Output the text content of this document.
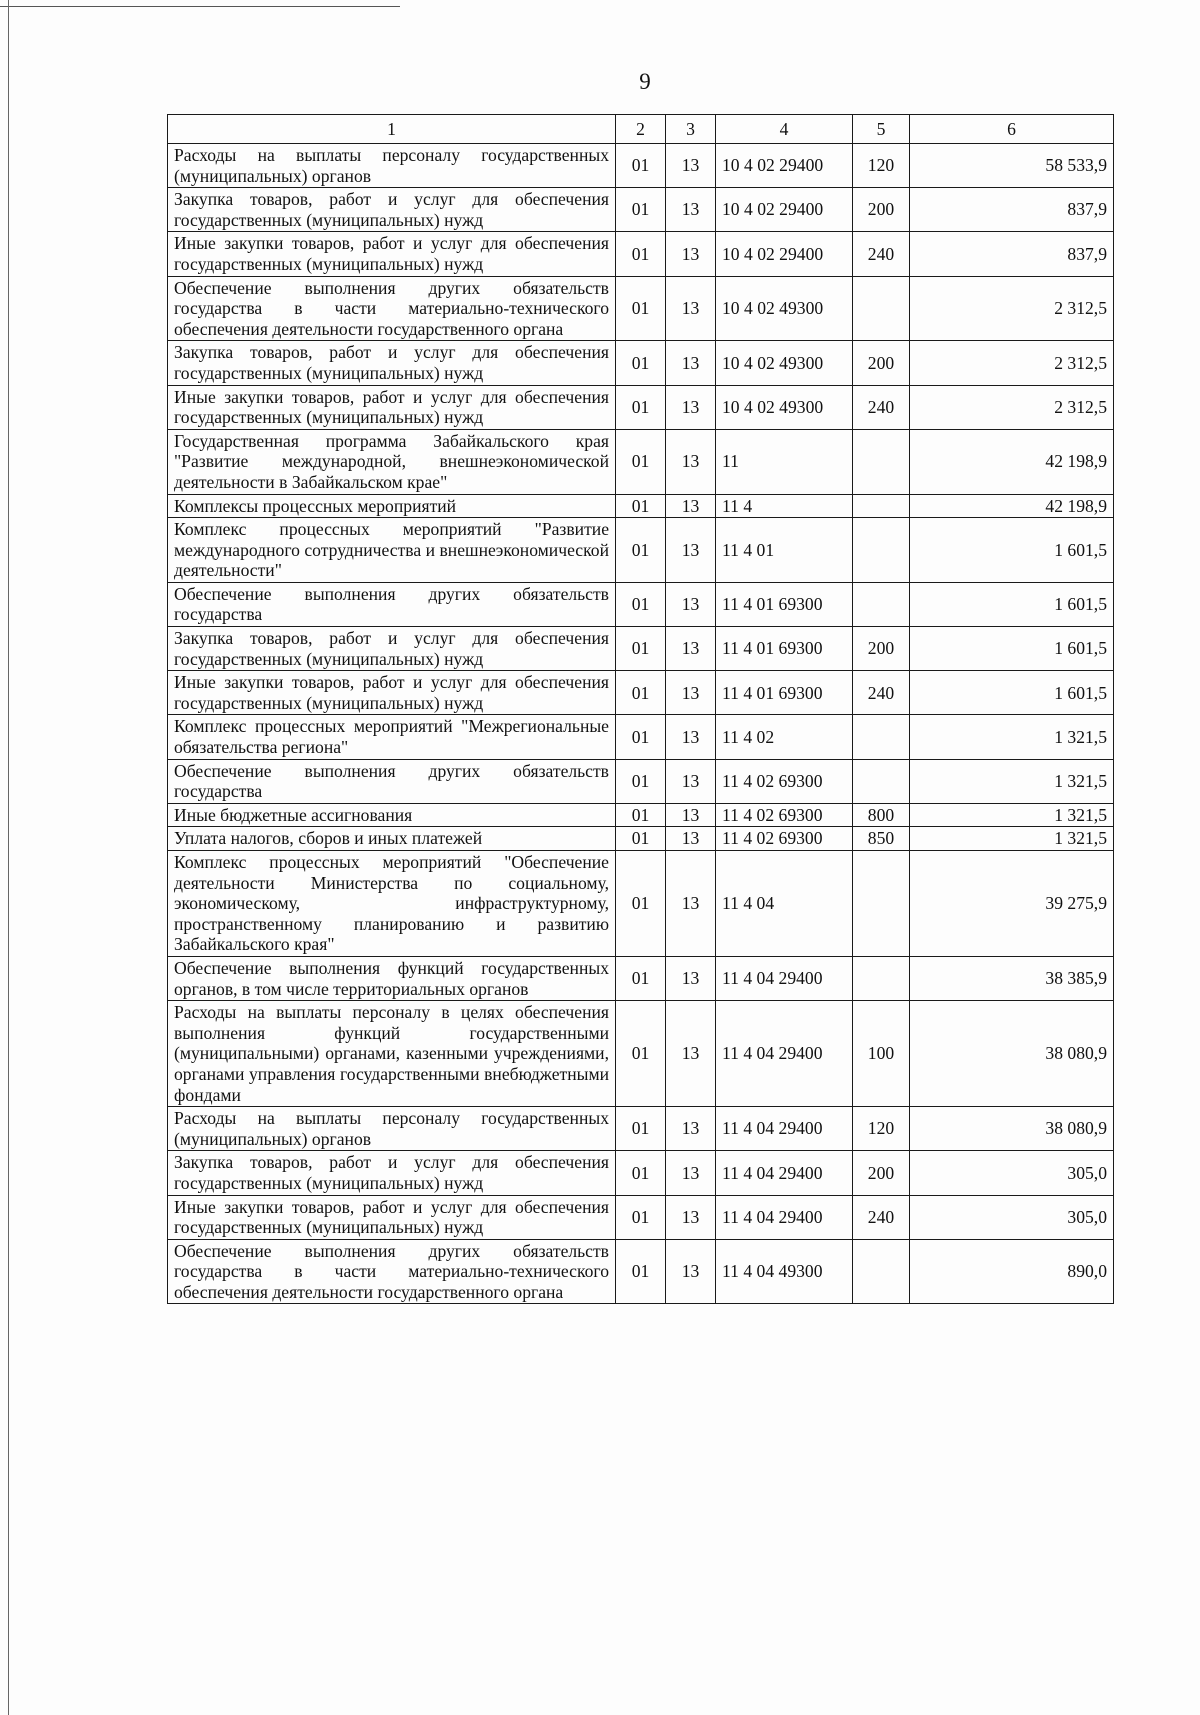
9
1	2	3	4	5	6
Расходы на выплаты персоналу государственных (муниципальных) органов	01	13	10 4 02 29400	120	58 533,9
Закупка товаров, работ и услуг для обеспечения государственных (муниципальных) нужд	01	13	10 4 02 29400	200	837,9
Иные закупки товаров, работ и услуг для обеспечения государственных (муниципальных) нужд	01	13	10 4 02 29400	240	837,9
Обеспечение выполнения других обязательств государства в части материально-технического обеспечения деятельности государственного органа	01	13	10 4 02 49300		2 312,5
Закупка товаров, работ и услуг для обеспечения государственных (муниципальных) нужд	01	13	10 4 02 49300	200	2 312,5
Иные закупки товаров, работ и услуг для обеспечения государственных (муниципальных) нужд	01	13	10 4 02 49300	240	2 312,5
Государственная программа Забайкальского края "Развитие международной, внешнеэкономической деятельности в Забайкальском крае"	01	13	11		42 198,9
Комплексы процессных мероприятий	01	13	11 4		42 198,9
Комплекс процессных мероприятий "Развитие международного сотрудничества и внешнеэкономической деятельности"	01	13	11 4 01		1 601,5
Обеспечение выполнения других обязательств государства	01	13	11 4 01 69300		1 601,5
Закупка товаров, работ и услуг для обеспечения государственных (муниципальных) нужд	01	13	11 4 01 69300	200	1 601,5
Иные закупки товаров, работ и услуг для обеспечения государственных (муниципальных) нужд	01	13	11 4 01 69300	240	1 601,5
Комплекс процессных мероприятий "Межрегиональные обязательства региона"	01	13	11 4 02		1 321,5
Обеспечение выполнения других обязательств государства	01	13	11 4 02 69300		1 321,5
Иные бюджетные ассигнования	01	13	11 4 02 69300	800	1 321,5
Уплата налогов, сборов и иных платежей	01	13	11 4 02 69300	850	1 321,5
Комплекс процессных мероприятий "Обеспечение деятельности Министерства по социальному, экономическому, инфраструктурному, пространственному планированию и развитию Забайкальского края"	01	13	11 4 04		39 275,9
Обеспечение выполнения функций государственных органов, в том числе территориальных органов	01	13	11 4 04 29400		38 385,9
Расходы на выплаты персоналу в целях обеспечения выполнения функций государственными (муниципальными) органами, казенными учреждениями, органами управления государственными внебюджетными фондами	01	13	11 4 04 29400	100	38 080,9
Расходы на выплаты персоналу государственных (муниципальных) органов	01	13	11 4 04 29400	120	38 080,9
Закупка товаров, работ и услуг для обеспечения государственных (муниципальных) нужд	01	13	11 4 04 29400	200	305,0
Иные закупки товаров, работ и услуг для обеспечения государственных (муниципальных) нужд	01	13	11 4 04 29400	240	305,0
Обеспечение выполнения других обязательств государства в части материально-технического обеспечения деятельности государственного органа	01	13	11 4 04 49300		890,0
